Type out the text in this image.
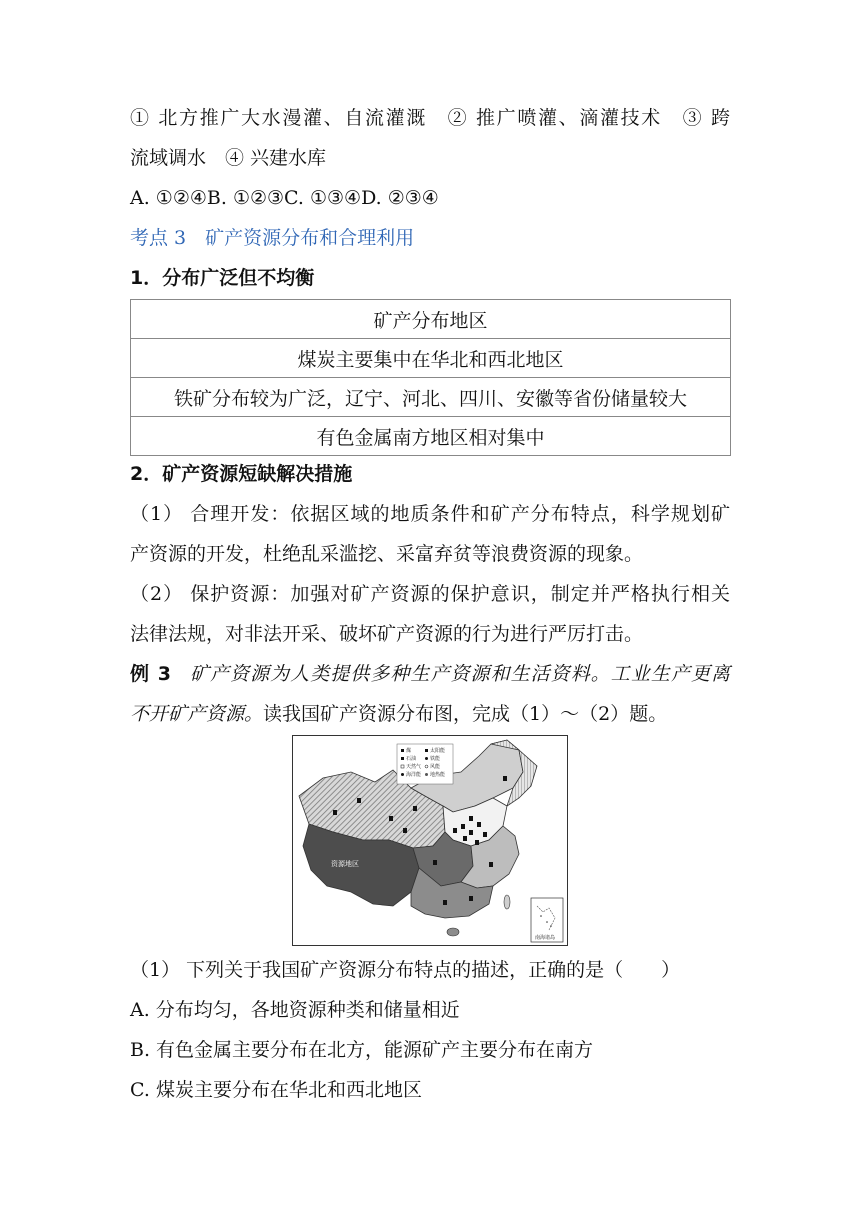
① 北方推广大水漫灌、自流灌溉　② 推广喷灌、滴灌技术　③ 跨
流域调水　④ 兴建水库
A. ①②④B. ①②③C. ①③④D. ②③④
考点 3　矿产资源分布和合理利用
1．分布广泛但不均衡
矿产分布地区
煤炭主要集中在华北和西北地区
铁矿分布较为广泛，辽宁、河北、四川、安徽等省份储量较大
有色金属南方地区相对集中
2．矿产资源短缺解决措施
（1） 合理开发：依据区域的地质条件和矿产分布特点，科学规划矿
产资源的开发，杜绝乱采滥挖、采富弃贫等浪费资源的现象。
（2） 保护资源：加强对矿产资源的保护意识，制定并严格执行相关
法律法规，对非法开采、破坏矿产资源的行为进行严厉打击。
例 3 矿产资源为人类提供多种生产资源和生活资料。工业生产更离
不开矿产资源。读我国矿产资源分布图，完成（1）～（2）题。
煤
石油
天然气
海洋能
太阳能
铁能
风能
地热能
资源地区
南海诸岛
（1） 下列关于我国矿产资源分布特点的描述，正确的是（　　）
A. 分布均匀，各地资源种类和储量相近
B. 有色金属主要分布在北方，能源矿产主要分布在南方
C. 煤炭主要分布在华北和西北地区
